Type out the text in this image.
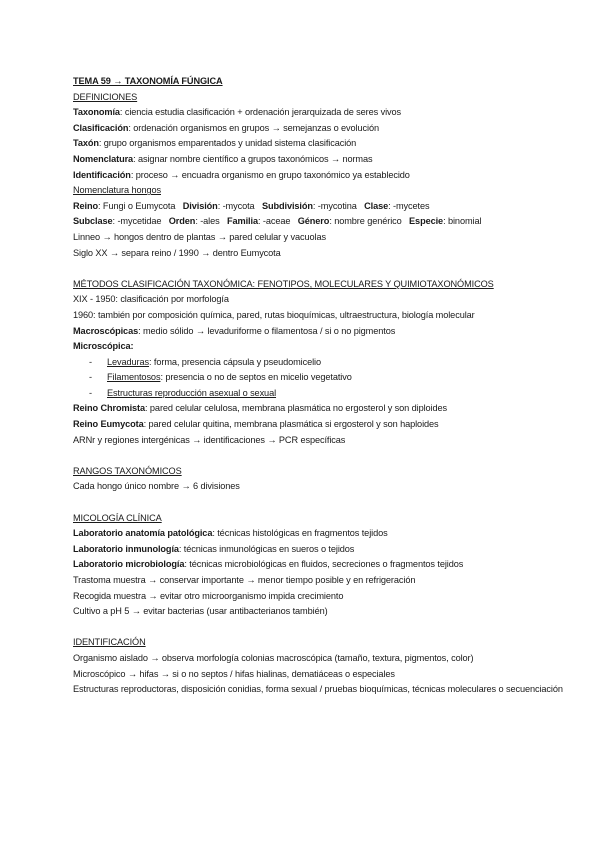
TEMA 59 → TAXONOMÍA FÚNGICA
DEFINICIONES
Taxonomía: ciencia estudia clasificación + ordenación jerarquizada de seres vivos
Clasificación: ordenación organismos en grupos → semejanzas o evolución
Taxón: grupo organismos emparentados y unidad sistema clasificación
Nomenclatura: asignar nombre científico a grupos taxonómicos → normas
Identificación: proceso → encuadra organismo en grupo taxonómico ya establecido
Nomenclatura hongos
Reino: Fungi o Eumycota División: -mycota Subdivisión: -mycotina Clase: -mycetes
Subclase: -mycetidae Orden: -ales Familia: -aceae Género: nombre genérico Especie: binomial
Linneo → hongos dentro de plantas → pared celular y vacuolas
Siglo XX → separa reino / 1990 → dentro Eumycota
MÉTODOS CLASIFICACIÓN TAXONÓMICA: FENOTIPOS, MOLECULARES Y QUIMIOTAXONÓMICOS
XIX - 1950: clasificación por morfología
1960: también por composición química, pared, rutas bioquímicas, ultraestructura, biología molecular
Macroscópicas: medio sólido → levaduriforme o filamentosa / si o no pigmentos
Microscópica:
- Levaduras: forma, presencia cápsula y pseudomicelio
- Filamentosos: presencia o no de septos en micelio vegetativo
- Estructuras reproducción asexual o sexual
Reino Chromista: pared celular celulosa, membrana plasmática no ergosterol y son diploides
Reino Eumycota: pared celular quitina, membrana plasmática si ergosterol y son haploides
ARNr y regiones intergénicas → identificaciones → PCR específicas
RANGOS TAXONÓMICOS
Cada hongo único nombre → 6 divisiones
MICOLOGÍA CLÍNICA
Laboratorio anatomía patológica: técnicas histológicas en fragmentos tejidos
Laboratorio inmunología: técnicas inmunológicas en sueros o tejidos
Laboratorio microbiología: técnicas microbiológicas en fluidos, secreciones o fragmentos tejidos
Trastoma muestra → conservar importante → menor tiempo posible y en refrigeración
Recogida muestra → evitar otro microorganismo impida crecimiento
Cultivo a pH 5 → evitar bacterias (usar antibacterianos también)
IDENTIFICACIÓN
Organismo aislado → observa morfología colonias macroscópica (tamaño, textura, pigmentos, color)
Microscópico → hifas → si o no septos / hifas hialinas, dematiáceas o especiales
Estructuras reproductoras, disposición conidias, forma sexual / pruebas bioquímicas, técnicas moleculares o secuenciación
